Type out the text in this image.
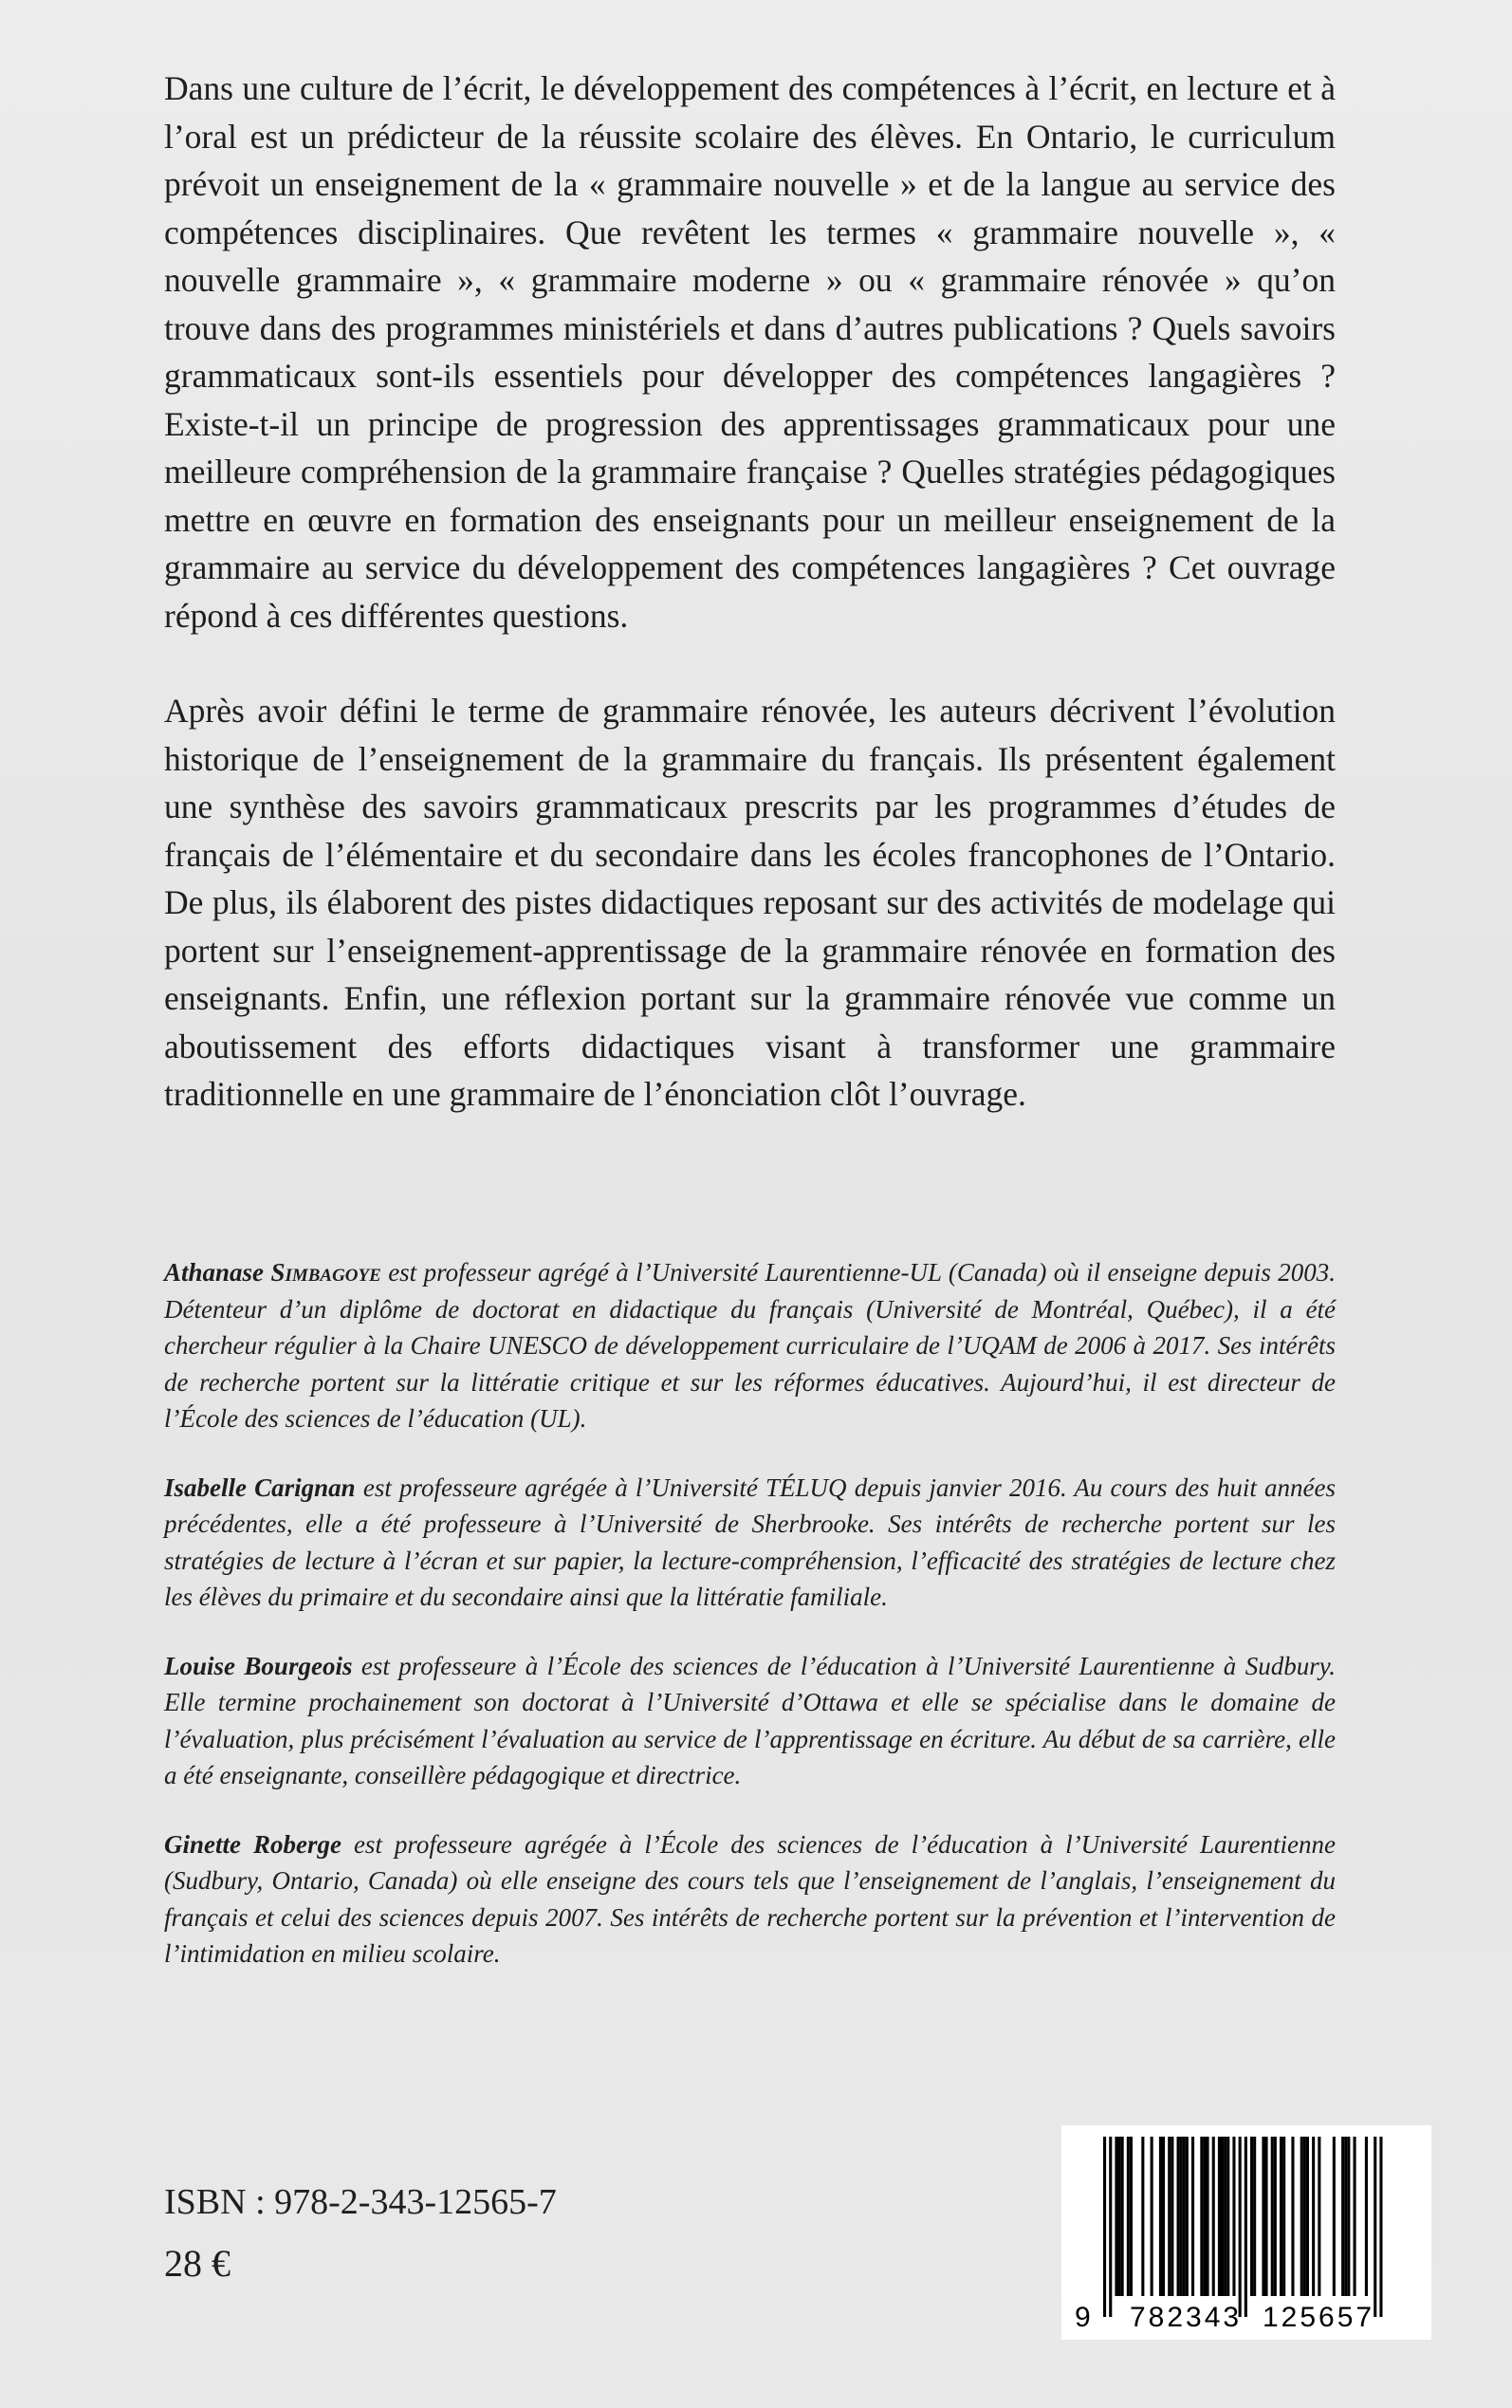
Dans une culture de l’écrit, le développement des compétences à l’écrit, en lecture et à l’oral est un prédicteur de la réussite scolaire des élèves. En Ontario, le curriculum prévoit un enseignement de la « grammaire nouvelle » et de la langue au service des compétences disciplinaires. Que revêtent les termes « grammaire nouvelle », « nouvelle grammaire », « grammaire moderne » ou « grammaire rénovée » qu’on trouve dans des programmes ministériels et dans d’autres publications ? Quels savoirs grammaticaux sont-ils essentiels pour développer des compétences langagières ? Existe-t-il un principe de progression des apprentissages grammaticaux pour une meilleure compréhension de la grammaire française ? Quelles stratégies pédagogiques mettre en œuvre en formation des enseignants pour un meilleur enseignement de la grammaire au service du développement des compétences langagières ? Cet ouvrage répond à ces différentes questions.

Après avoir défini le terme de grammaire rénovée, les auteurs décrivent l’évolution historique de l’enseignement de la grammaire du français. Ils présentent également une synthèse des savoirs grammaticaux prescrits par les programmes d’études de français de l’élémentaire et du secondaire dans les écoles francophones de l’Ontario. De plus, ils élaborent des pistes didactiques reposant sur des activités de modelage qui portent sur l’enseignement-apprentissage de la grammaire rénovée en formation des enseignants. Enfin, une réflexion portant sur la grammaire rénovée vue comme un aboutissement des efforts didactiques visant à transformer une grammaire traditionnelle en une grammaire de l’énonciation clôt l’ouvrage.

Athanase Simbagoye est professeur agrégé à l’Université Laurentienne-UL (Canada) où il enseigne depuis 2003. Détenteur d’un diplôme de doctorat en didactique du français (Université de Montréal, Québec), il a été chercheur régulier à la Chaire UNESCO de développement curriculaire de l’UQAM de 2006 à 2017. Ses intérêts de recherche portent sur la littératie critique et sur les réformes éducatives. Aujourd’hui, il est directeur de l’École des sciences de l’éducation (UL).

Isabelle Carignan est professeure agrégée à l’Université TÉLUQ depuis janvier 2016. Au cours des huit années précédentes, elle a été professeure à l’Université de Sherbrooke. Ses intérêts de recherche portent sur les stratégies de lecture à l’écran et sur papier, la lecture-compréhension, l’efficacité des stratégies de lecture chez les élèves du primaire et du secondaire ainsi que la littératie familiale.

Louise Bourgeois est professeure à l’École des sciences de l’éducation à l’Université Laurentienne à Sudbury. Elle termine prochainement son doctorat à l’Université d’Ottawa et elle se spécialise dans le domaine de l’évaluation, plus précisément l’évaluation au service de l’apprentissage en écriture. Au début de sa carrière, elle a été enseignante, conseillère pédagogique et directrice.

Ginette Roberge est professeure agrégée à l’École des sciences de l’éducation à l’Université Laurentienne (Sudbury, Ontario, Canada) où elle enseigne des cours tels que l’enseignement de l’anglais, l’enseignement du français et celui des sciences depuis 2007. Ses intérêts de recherche portent sur la prévention et l’intervention de l’intimidation en milieu scolaire.

ISBN : 978-2-343-12565-7
28 €
9 782343 125657
